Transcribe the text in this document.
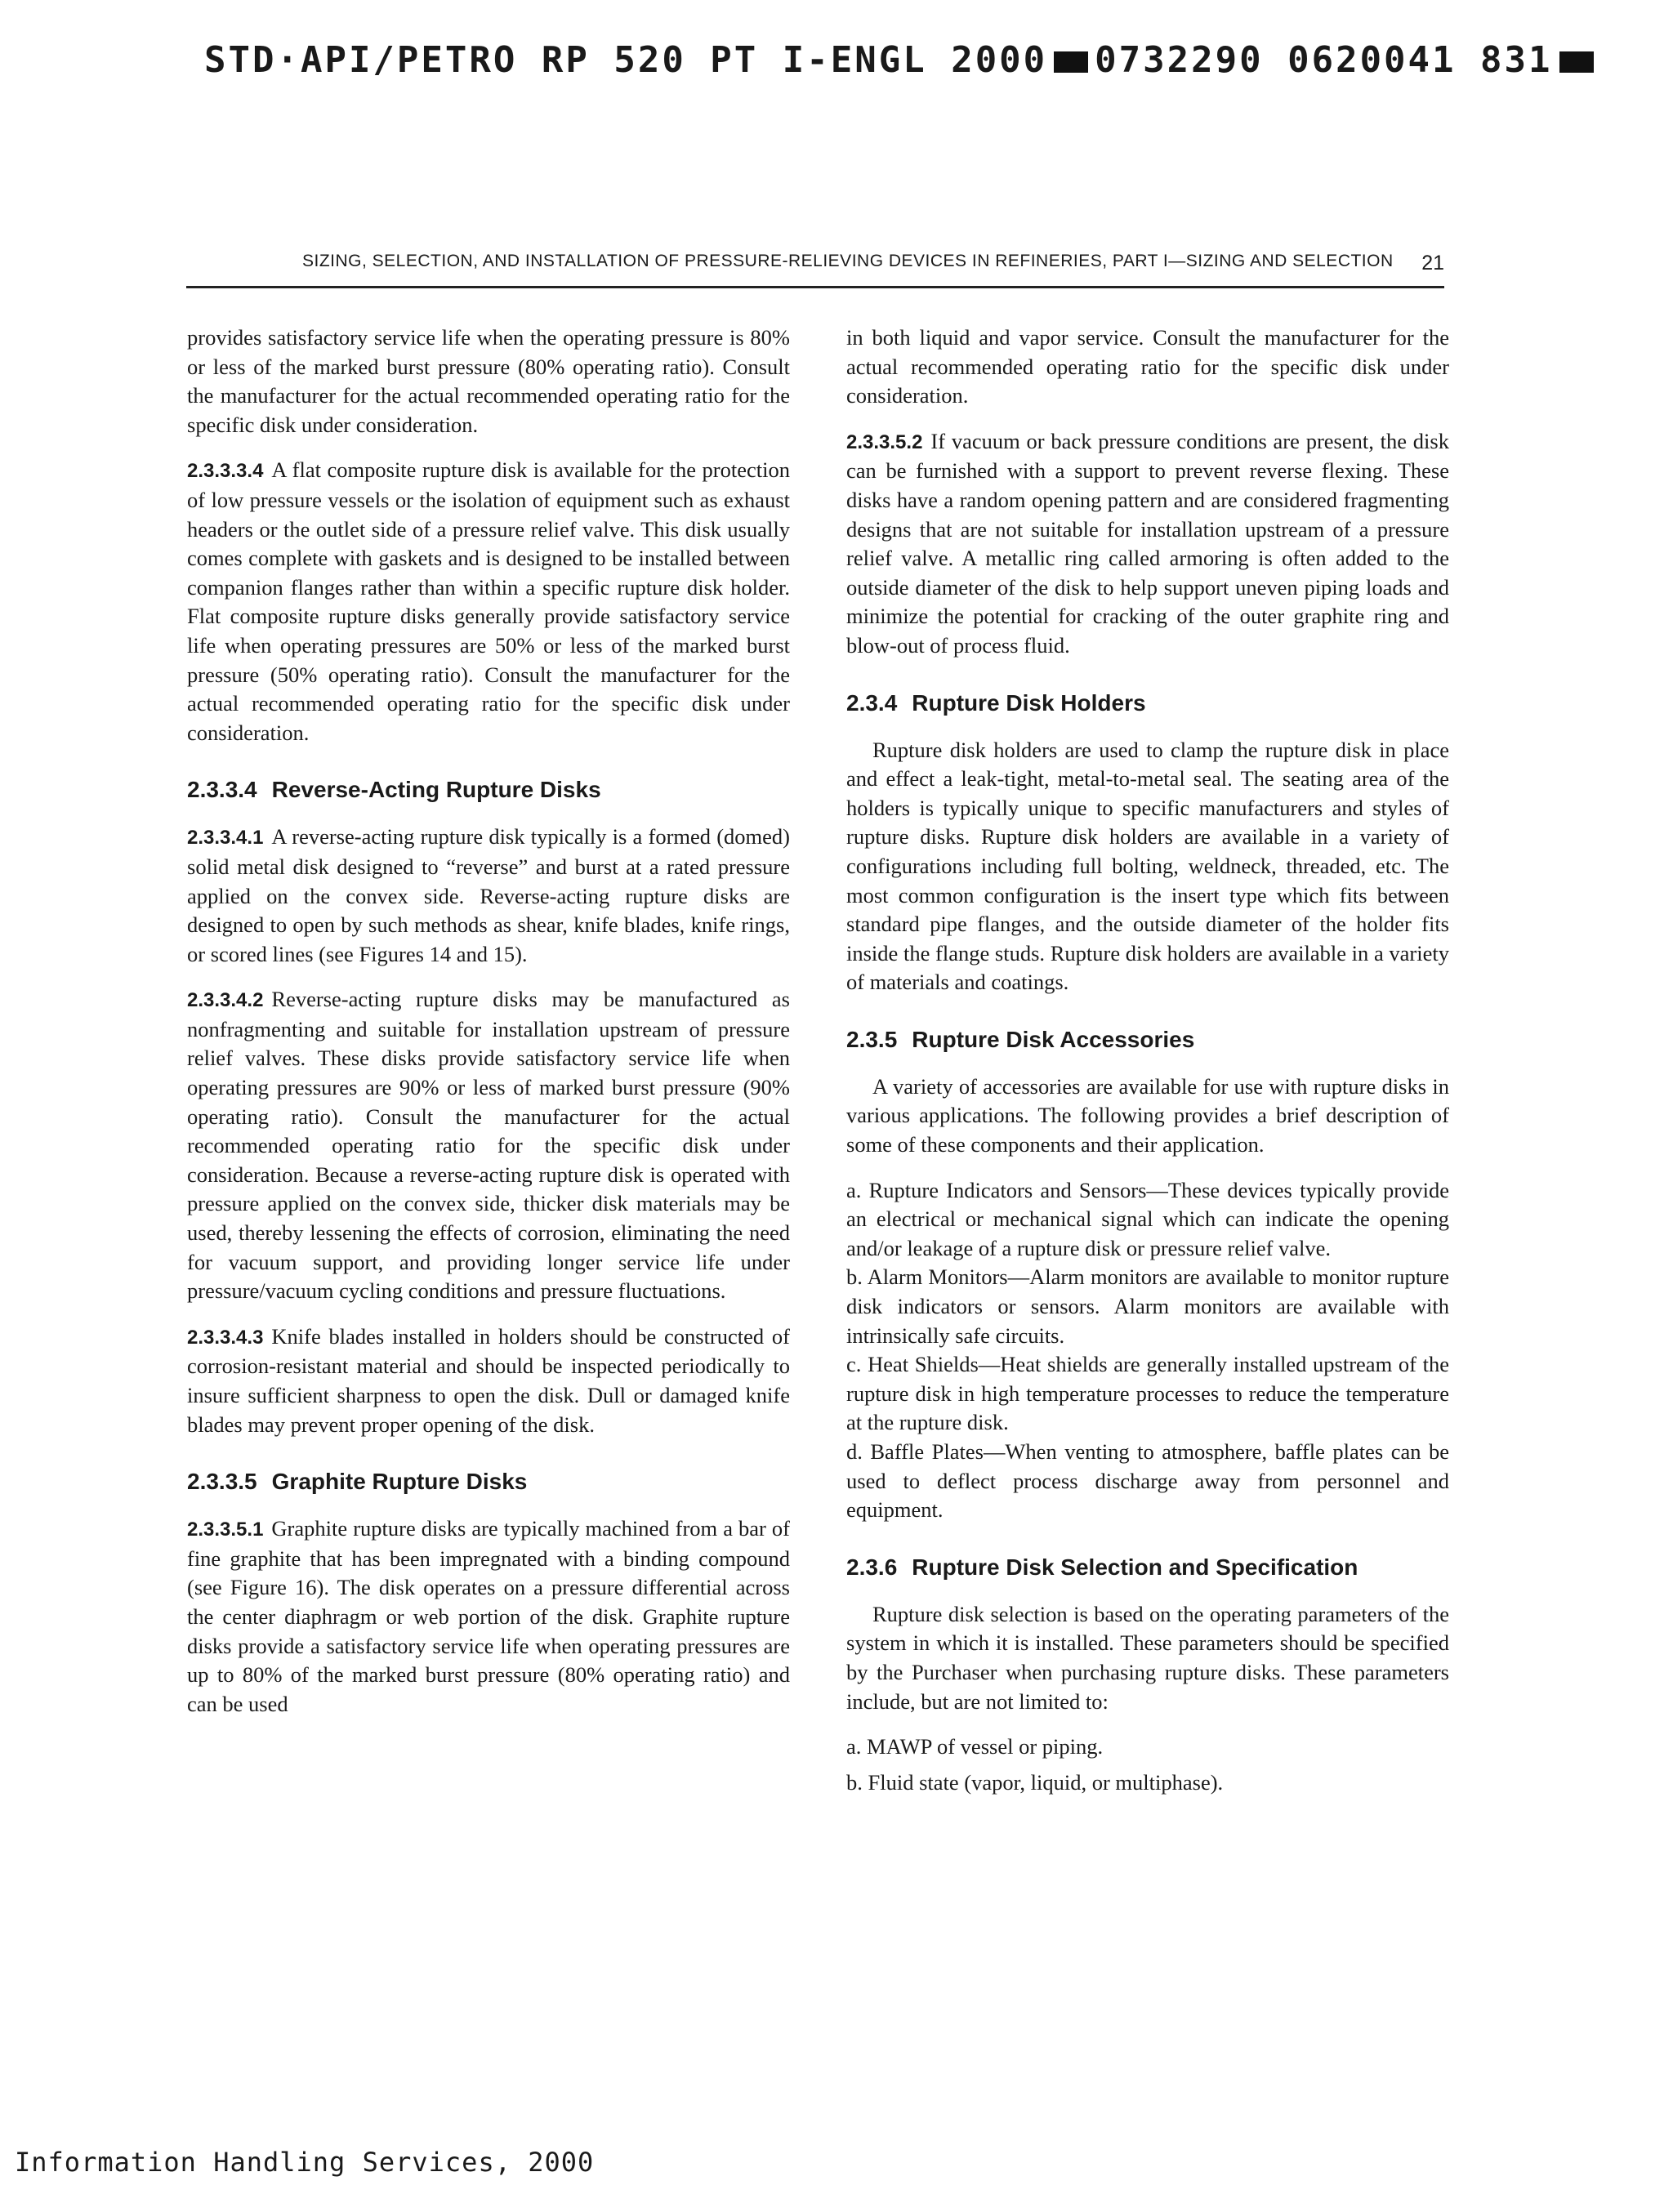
STD·API/PETRO RP 520 PT I-ENGL 2000 0732290 0620041 831
SIZING, SELECTION, AND INSTALLATION OF PRESSURE-RELIEVING DEVICES IN REFINERIES, PART I—SIZING AND SELECTION 21

provides satisfactory service life when the operating pressure is 80% or less of the marked burst pressure (80% operating ratio). Consult the manufacturer for the actual recommended operating ratio for the specific disk under consideration.

2.3.3.3.4 A flat composite rupture disk is available for the protection of low pressure vessels or the isolation of equipment such as exhaust headers or the outlet side of a pressure relief valve. This disk usually comes complete with gaskets and is designed to be installed between companion flanges rather than within a specific rupture disk holder. Flat composite rupture disks generally provide satisfactory service life when operating pressures are 50% or less of the marked burst pressure (50% operating ratio). Consult the manufacturer for the actual recommended operating ratio for the specific disk under consideration.

2.3.3.4 Reverse-Acting Rupture Disks

2.3.3.4.1 A reverse-acting rupture disk typically is a formed (domed) solid metal disk designed to “reverse” and burst at a rated pressure applied on the convex side. Reverse-acting rupture disks are designed to open by such methods as shear, knife blades, knife rings, or scored lines (see Figures 14 and 15).

2.3.3.4.2 Reverse-acting rupture disks may be manufactured as nonfragmenting and suitable for installation upstream of pressure relief valves. These disks provide satisfactory service life when operating pressures are 90% or less of marked burst pressure (90% operating ratio). Consult the manufacturer for the actual recommended operating ratio for the specific disk under consideration. Because a reverse-acting rupture disk is operated with pressure applied on the convex side, thicker disk materials may be used, thereby lessening the effects of corrosion, eliminating the need for vacuum support, and providing longer service life under pressure/vacuum cycling conditions and pressure fluctuations.

2.3.3.4.3 Knife blades installed in holders should be constructed of corrosion-resistant material and should be inspected periodically to insure sufficient sharpness to open the disk. Dull or damaged knife blades may prevent proper opening of the disk.

2.3.3.5 Graphite Rupture Disks

2.3.3.5.1 Graphite rupture disks are typically machined from a bar of fine graphite that has been impregnated with a binding compound (see Figure 16). The disk operates on a pressure differential across the center diaphragm or web portion of the disk. Graphite rupture disks provide a satisfactory service life when operating pressures are up to 80% of the marked burst pressure (80% operating ratio) and can be used

in both liquid and vapor service. Consult the manufacturer for the actual recommended operating ratio for the specific disk under consideration.

2.3.3.5.2 If vacuum or back pressure conditions are present, the disk can be furnished with a support to prevent reverse flexing. These disks have a random opening pattern and are considered fragmenting designs that are not suitable for installation upstream of a pressure relief valve. A metallic ring called armoring is often added to the outside diameter of the disk to help support uneven piping loads and minimize the potential for cracking of the outer graphite ring and blow-out of process fluid.

2.3.4 Rupture Disk Holders

Rupture disk holders are used to clamp the rupture disk in place and effect a leak-tight, metal-to-metal seal. The seating area of the holders is typically unique to specific manufacturers and styles of rupture disks. Rupture disk holders are available in a variety of configurations including full bolting, weldneck, threaded, etc. The most common configuration is the insert type which fits between standard pipe flanges, and the outside diameter of the holder fits inside the flange studs. Rupture disk holders are available in a variety of materials and coatings.

2.3.5 Rupture Disk Accessories

A variety of accessories are available for use with rupture disks in various applications. The following provides a brief description of some of these components and their application.

a. Rupture Indicators and Sensors—These devices typically provide an electrical or mechanical signal which can indicate the opening and/or leakage of a rupture disk or pressure relief valve.
b. Alarm Monitors—Alarm monitors are available to monitor rupture disk indicators or sensors. Alarm monitors are available with intrinsically safe circuits.
c. Heat Shields—Heat shields are generally installed upstream of the rupture disk in high temperature processes to reduce the temperature at the rupture disk.
d. Baffle Plates—When venting to atmosphere, baffle plates can be used to deflect process discharge away from personnel and equipment.
2.3.6 Rupture Disk Selection and Specification

Rupture disk selection is based on the operating parameters of the system in which it is installed. These parameters should be specified by the Purchaser when purchasing rupture disks. These parameters include, but are not limited to:

a. MAWP of vessel or piping.
b. Fluid state (vapor, liquid, or multiphase).
Information Handling Services, 2000
